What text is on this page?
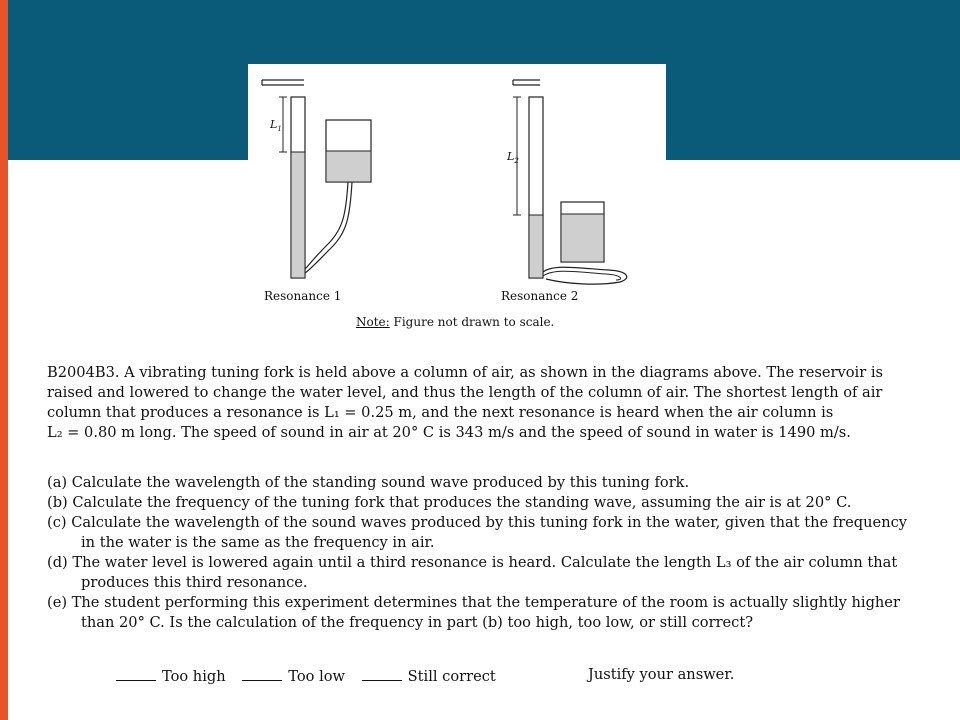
$L_1$
$L_2$
Resonance 1	Resonance 2
Note: Figure not drawn to scale.

B2004B3. A vibrating tuning fork is held above a column of air, as shown in the diagrams above. The reservoir is

raised and lowered to change the water level, and thus the length of the column of air. The shortest length of air

column that produces a resonance is L₁ = 0.25 m, and the next resonance is heard when the air column is

L₂ = 0.80 m long. The speed of sound in air at 20° C is 343 m/s and the speed of sound in water is 1490 m/s.

(a) Calculate the wavelength of the standing sound wave produced by this tuning fork.

(b) Calculate the frequency of the tuning fork that produces the standing wave, assuming the air is at 20° C.

(c) Calculate the wavelength of the sound waves produced by this tuning fork in the water, given that the frequency
in the water is the same as the frequency in air.

(d) The water level is lowered again until a third resonance is heard. Calculate the length L₃ of the air column that
produces this third resonance.

(e) The student performing this experiment determines that the temperature of the room is actually slightly higher
than 20° C. Is the calculation of the frequency in part (b) too high, too low, or still correct?

Too high	Too low	Still correct	Justify your answer.
